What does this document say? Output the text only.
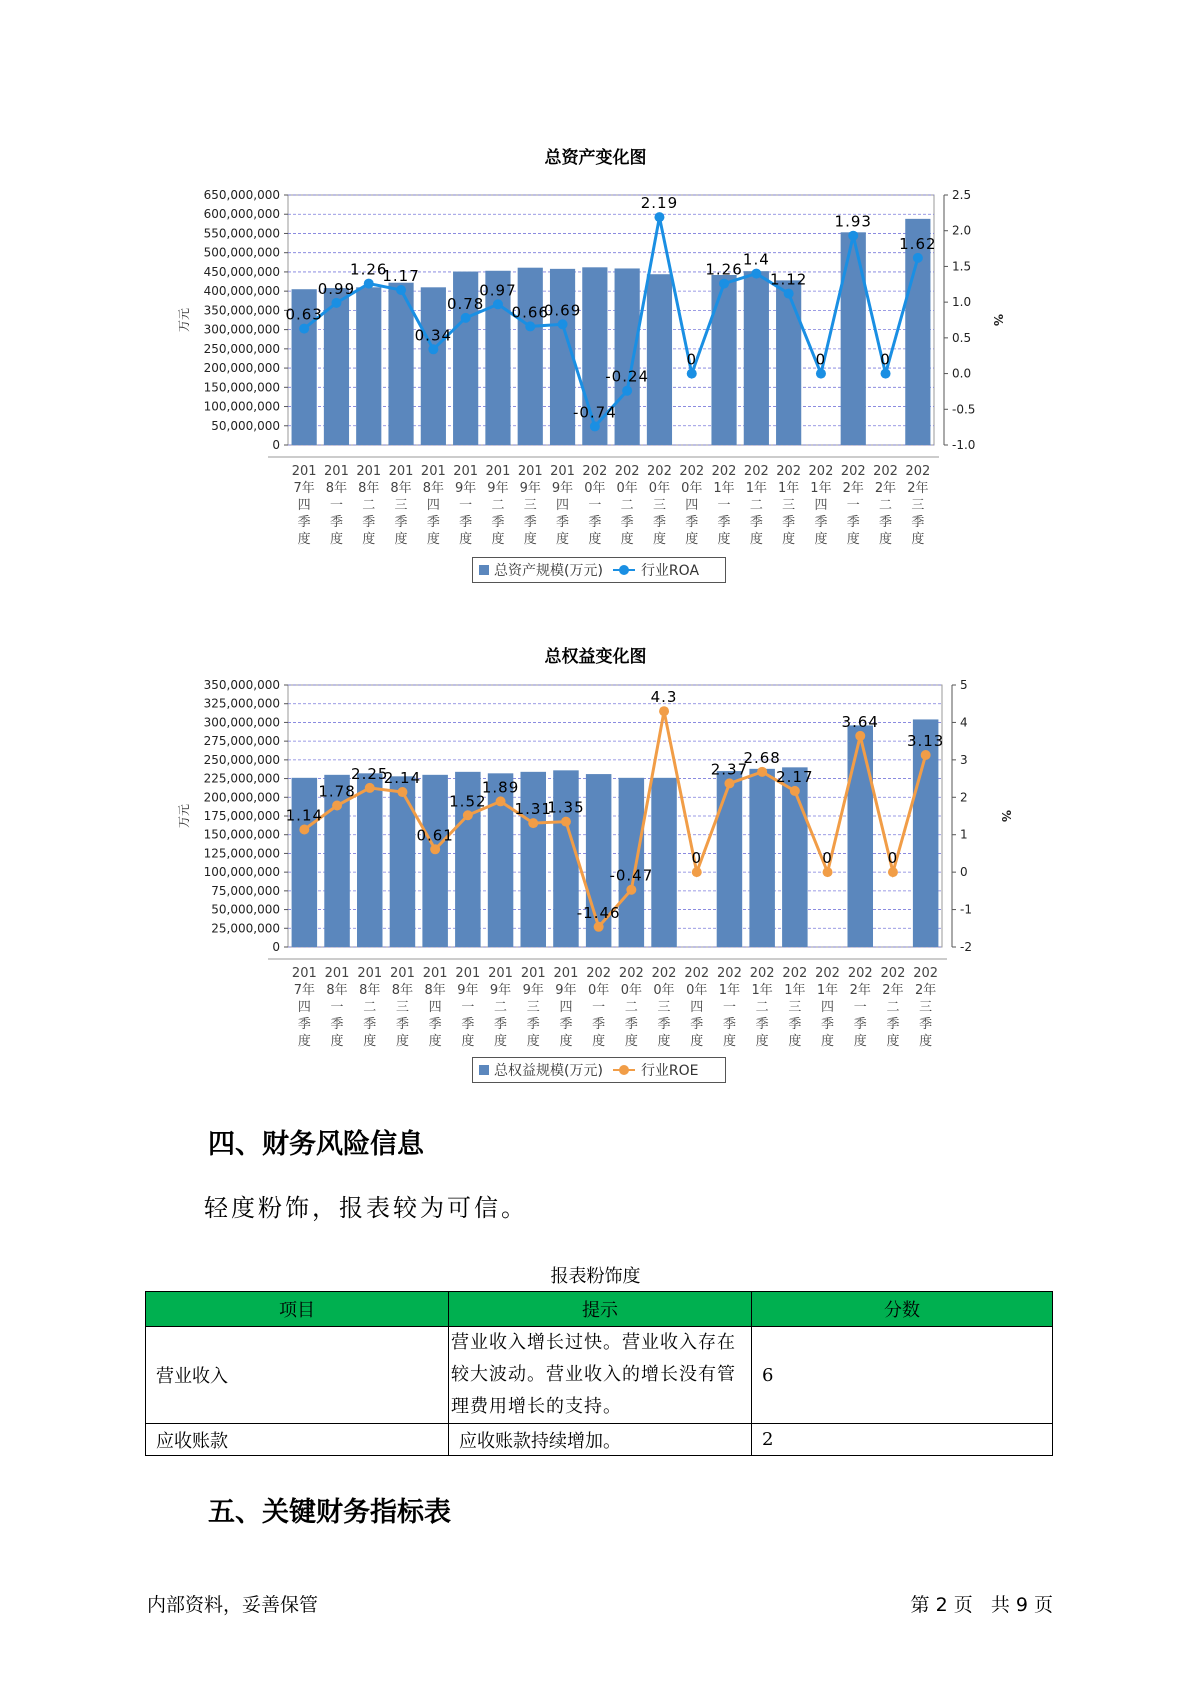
总资产变化图
650,000,000
600,000,000
550,000,000
500,000,000
450,000,000
400,000,000
350,000,000
300,000,000
250,000,000
200,000,000
150,000,000
100,000,000
50,000,000
0
万元
2.5
2.0
1.5
1.0
0.5
0.0
-0.5
-1.0
%
0.63
0.99
1.26
1.17
0.34
0.78
0.97
0.66
0.69
-0.74
-0.24
2.19
0
1.26
1.4
1.12
0
1.93
0
1.62
201 7年四季度
201 8年一季度
201 8年二季度
201 8年三季度
201 8年四季度
201 9年一季度
201 9年二季度
201 9年三季度
201 9年四季度
202 0年一季度
202 0年二季度
202 0年三季度
202 0年四季度
202 1年一季度
202 1年二季度
202 1年三季度
202 1年四季度
202 2年一季度
202 2年二季度
202 2年三季度
总资产规模(万元)	行业ROA
总权益变化图
350,000,000
325,000,000
300,000,000
275,000,000
250,000,000
225,000,000
200,000,000
175,000,000
150,000,000
125,000,000
100,000,000
75,000,000
50,000,000
25,000,000
0
万元
5
4
3
2
1
0
-1
-2
%
1.14
1.78
2.25
2.14
0.61
1.52
1.89
1.31
1.35
-1.46
-0.47
4.3
0
2.37
2.68
2.17
0
3.64
0
3.13
201 7年四季度
201 8年一季度
201 8年二季度
201 8年三季度
201 8年四季度
201 9年一季度
201 9年二季度
201 9年三季度
201 9年四季度
202 0年一季度
202 0年二季度
202 0年三季度
202 0年四季度
202 1年一季度
202 1年二季度
202 1年三季度
202 1年四季度
202 2年一季度
202 2年二季度
202 2年三季度
总权益规模(万元)	行业ROE
四、财务风险信息
轻度粉饰，报表较为可信。
报表粉饰度
项目	提示	分数
营业收入	营业收入增长过快。营业收入存在较大波动。营业收入的增长没有管理费用增长的支持。	6
应收账款	应收账款持续增加。	2
五、关键财务指标表
内部资料，妥善保管	第 2 页   共 9 页
